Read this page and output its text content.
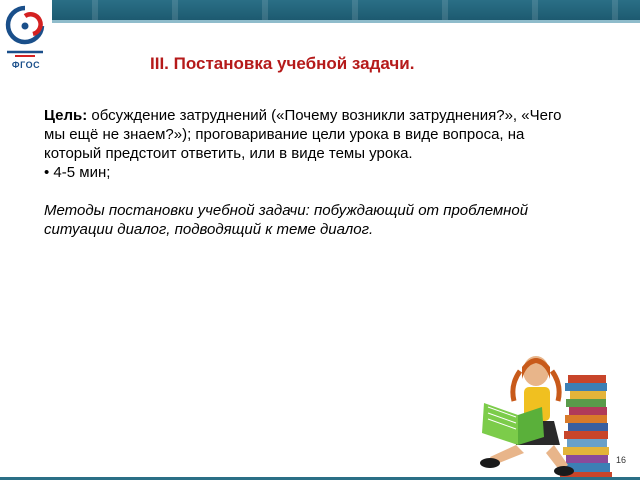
ФГОС	III. Постановка учебной задачи.
Цель: обсуждение затруднений («Почему возникли затруднения?», «Чего мы ещё не знаем?»); проговаривание цели урока в виде вопроса, на который предстоит ответить, или в виде темы урока.
• 4-5 мин;
Методы постановки учебной задачи: побуждающий от проблемной ситуации диалог, подводящий к теме диалог.
16
